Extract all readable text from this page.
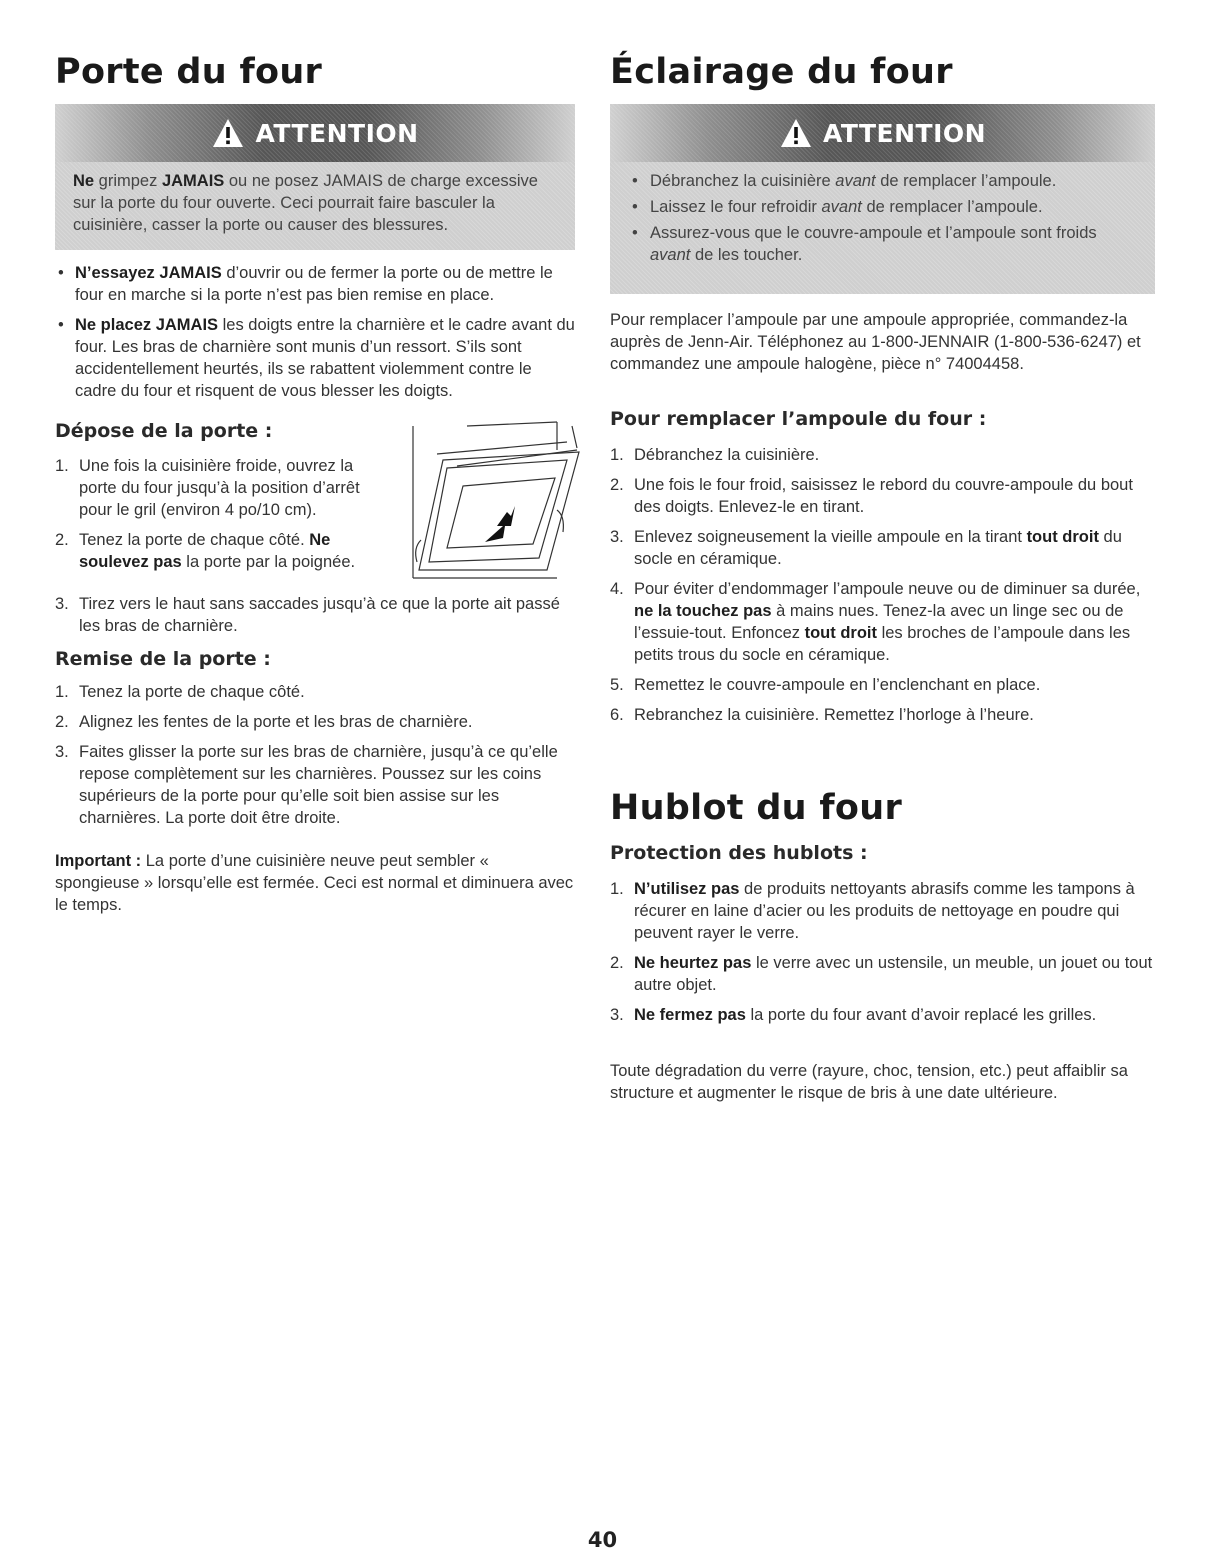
Porte du four
ATTENTION

Ne grimpez JAMAIS ou ne posez JAMAIS de charge excessive sur la porte du four ouverte. Ceci pourrait faire basculer la cuisinière, casser la porte ou causer des blessures.

• N’essayez JAMAIS d’ouvrir ou de fermer la porte ou de mettre le four en marche si la porte n’est pas bien remise en place.
• Ne placez JAMAIS les doigts entre la charnière et le cadre avant du four. Les bras de charnière sont munis d’un ressort. S’ils sont accidentellement heurtés, ils se rabattent violemment contre le cadre du four et risquent de vous blesser les doigts.
Dépose de la porte :
1. Une fois la cuisinière froide, ouvrez la porte du four jusqu’à la position d’arrêt pour le gril (environ 4 po/10 cm).
2. Tenez la porte de chaque côté. Ne soulevez pas la porte par la poignée.
3. Tirez vers le haut sans saccades jusqu’à ce que la porte ait passé les bras de charnière.
Remise de la porte :
1. Tenez la porte de chaque côté.
2. Alignez les fentes de la porte et les bras de charnière.
3. Faites glisser la porte sur les bras de charnière, jusqu’à ce qu’elle repose complètement sur les charnières. Poussez sur les coins supérieurs de la porte pour qu’elle soit bien assise sur les charnières. La porte doit être droite.
Important : La porte d’une cuisinière neuve peut sembler « spongieuse » lorsqu’elle est fermée. Ceci est normal et diminuera avec le temps.
Éclairage du four
ATTENTION

• Débranchez la cuisinière avant de remplacer l’ampoule.

• Laissez le four refroidir avant de remplacer l’ampoule.

• Assurez-vous que le couvre-ampoule et l’ampoule sont froids avant de les toucher.

Pour remplacer l’ampoule par une ampoule appropriée, commandez-la auprès de Jenn-Air. Téléphonez au 1-800-JENNAIR (1-800-536-6247) et commandez une ampoule halogène, pièce n° 74004458.
Pour remplacer l’ampoule du four :
1. Débranchez la cuisinière.
2. Une fois le four froid, saisissez le rebord du couvre-ampoule du bout des doigts. Enlevez-le en tirant.
3. Enlevez soigneusement la vieille ampoule en la tirant tout droit du socle en céramique.
4. Pour éviter d’endommager l’ampoule neuve ou de diminuer sa durée, ne la touchez pas à mains nues. Tenez-la avec un linge sec ou de l’essuie-tout. Enfoncez tout droit les broches de l’ampoule dans les petits trous du socle en céramique.
5. Remettez le couvre-ampoule en l’enclenchant en place.
6. Rebranchez la cuisinière. Remettez l’horloge à l’heure.
Hublot du four
Protection des hublots :
1. N’utilisez pas de produits nettoyants abrasifs comme les tampons à récurer en laine d’acier ou les produits de nettoyage en poudre qui peuvent rayer le verre.
2. Ne heurtez pas le verre avec un ustensile, un meuble, un jouet ou tout autre objet.
3. Ne fermez pas la porte du four avant d’avoir replacé les grilles.
Toute dégradation du verre (rayure, choc, tension, etc.) peut affaiblir sa structure et augmenter le risque de bris à une date ultérieure.
40
